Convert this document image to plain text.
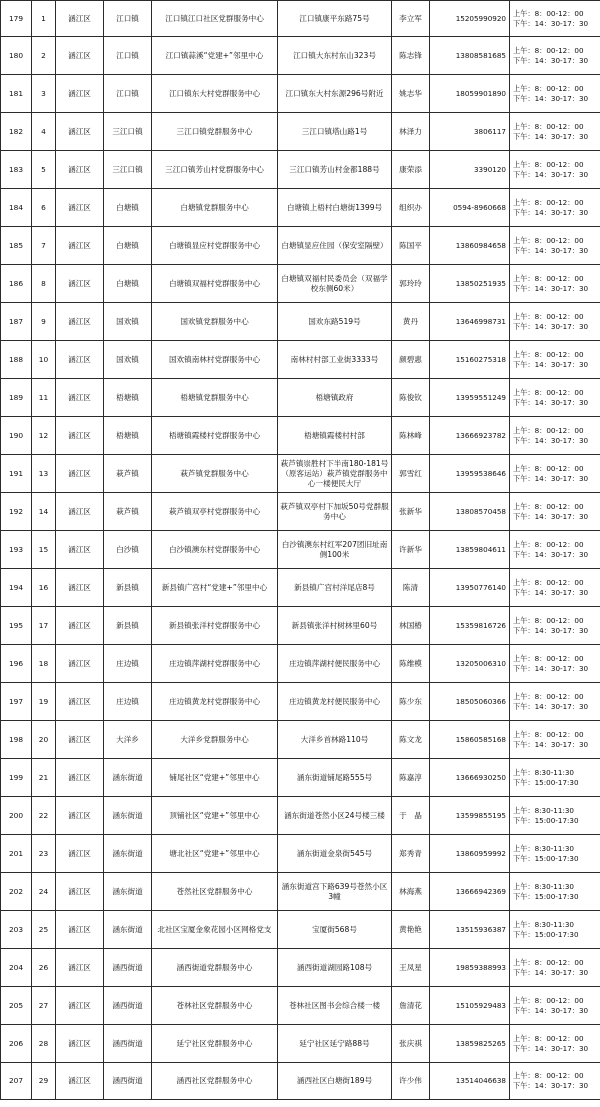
179	1	涵江区	江口镇	江口镇江口社区党群服务中心	江口镇康平东路75号	李立军	15205990920	上午：8：00-12：00
下午：14：30-17：30
180	2	涵江区	江口镇	江口镇蒜溪“党建+”邻里中心	江口镇大东村东山323号	陈志锋	13808581685	上午：8：00-12：00
下午：14：30-17：30
181	3	涵江区	江口镇	江口镇东大村党群服务中心	江口镇东大村东源296号附近	姚志华	18059901890	上午：8：00-12：00
下午：14：30-17：30
182	4	涵江区	三江口镇	三江口镇党群服务中心	三江口镇塔山路1号	林泽力	3806117	上午：8：00-12：00
下午：14：30-17：30
183	5	涵江区	三江口镇	三江口镇芳山村党群服务中心	三江口镇芳山村金都188号	康荣添	3390120	上午：8：00-12：00
下午：14：30-17：30
184	6	涵江区	白塘镇	白塘镇党群服务中心	白塘镇上梧村白塘街1399号	组织办	0594-8960668	上午：8：00-12：00
下午：14：30-17：30
185	7	涵江区	白塘镇	白塘镇显应村党群服务中心	白塘镇显应住园（保安室隔壁）	陈国平	13860984658	上午：8：00-12：00
下午：14：30-17：30
186	8	涵江区	白塘镇	白塘镇双福村党群服务中心	白塘镇双福村民委员会（双福学校东侧60米）	郭玲玲	13850251935	上午：8：00-12：00
下午：14：30-17：30
187	9	涵江区	国欢镇	国欢镇党群服务中心	国欢东路519号	黄丹	13646998731	上午：8：00-12：00
下午：14：30-17：30
188	10	涵江区	国欢镇	国欢镇南林村党群服务中心	南林村村部工业街3333号	颜碧惠	15160275318	上午：8：00-12：00
下午：14：30-17：30
189	11	涵江区	梧塘镇	梧塘镇党群服务中心	梧塘镇政府	陈俊钦	13959551249	上午：8：00-12：00
下午：14：30-17：30
190	12	涵江区	梧塘镇	梧塘镇霞楼村党群服务中心	梧塘镇霞楼村村部	陈林峰	13666923782	上午：8：00-12：00
下午：14：30-17：30
191	13	涵江区	萩芦镇	萩芦镇党群服务中心	萩芦镇崇胜村下半南180-181号（原客运站）萩芦镇党群服务中心一楼便民大厅	郭雪红	13959538646	上午：8：00-12：00
下午：14：30-17：30
192	14	涵江区	萩芦镇	萩芦镇双亭村党群服务中心	萩芦镇双亭村下加坂50号党群服务中心	张新华	13808570458	上午：8：00-12：00
下午：14：30-17：30
193	15	涵江区	白沙镇	白沙镇澳东村党群服务中心	白沙镇澳东村红军207团旧址南侧100米	许新华	13859804611	上午：8：00-12：00
下午：14：30-17：30
194	16	涵江区	新县镇	新县镇广宫村“党建+”邻里中心	新县镇广宫村洋尾店8号	陈清	13950776140	上午：8：00-12：00
下午：14：30-17：30
195	17	涵江区	新县镇	新县镇张洋村党群服务中心	新县镇张洋村树林里60号	林国椿	15359816726	上午：8：00-12：00
下午：14：30-17：30
196	18	涵江区	庄边镇	庄边镇萍湖村党群服务中心	庄边镇萍湖村便民服务中心	陈维模	13205006310	上午：8：00-12：00
下午：14：30-17：30
197	19	涵江区	庄边镇	庄边镇黄龙村党群服务中心	庄边镇黄龙村便民服务中心	陈少东	18505060366	上午：8：00-12：00
下午：14：30-17：30
198	20	涵江区	大洋乡	大洋乡党群服务中心	大洋乡首林路110号	陈文龙	15860585168	上午：8：00-12：00
下午：14：30-17：30
199	21	涵江区	涵东街道	铺尾社区“党建+”邻里中心	涵东街道铺尾路555号	陈嘉淳	13666930250	上午：8:30-11:30
下午：15:00-17:30
200	22	涵江区	涵东街道	顶铺社区“党建+”邻里中心	涵东街道苍然小区24号楼三楼	于　晶	13599855195	上午：8:30-11:30
下午：15:00-17:30
201	23	涵江区	涵东街道	塘北社区“党建+”邻里中心	涵东街道金泉街545号	郑秀青	13860959992	上午：8:30-11:30
下午：15:00-17:30
202	24	涵江区	涵东街道	苍然社区党群服务中心	涵东街道宫下路639号苍然小区3幢	林海燕	13666942369	上午：8:30-11:30
下午：15:00-17:30
203	25	涵江区	涵东街道	北社区宝厦金象花园小区网格党支	宝厦街568号	黄艳艳	13515936387	上午：8:30-11:30
下午：15:00-17:30
204	26	涵江区	涵西街道	涵西街道党群服务中心	涵西街道湖园路108号	王凤星	19859388993	上午：8：00-12：00
下午：14：30-17：30
205	27	涵江区	涵西街道	苍林社区党群服务中心	苍林社区图书会综合楼一楼	詹清花	15105929483	上午：8：00-12：00
下午：14：30-17：30
206	28	涵江区	涵西街道	延宁社区党群服务中心	延宁社区延宁路88号	张庆祺	13859825265	上午：8：00-12：00
下午：14：30-17：30
207	29	涵江区	涵西街道	涵西社区党群服务中心	涵西社区白塘街189号	许少伟	13514046638	上午：8：00-12：00
下午：14：30-17：30
